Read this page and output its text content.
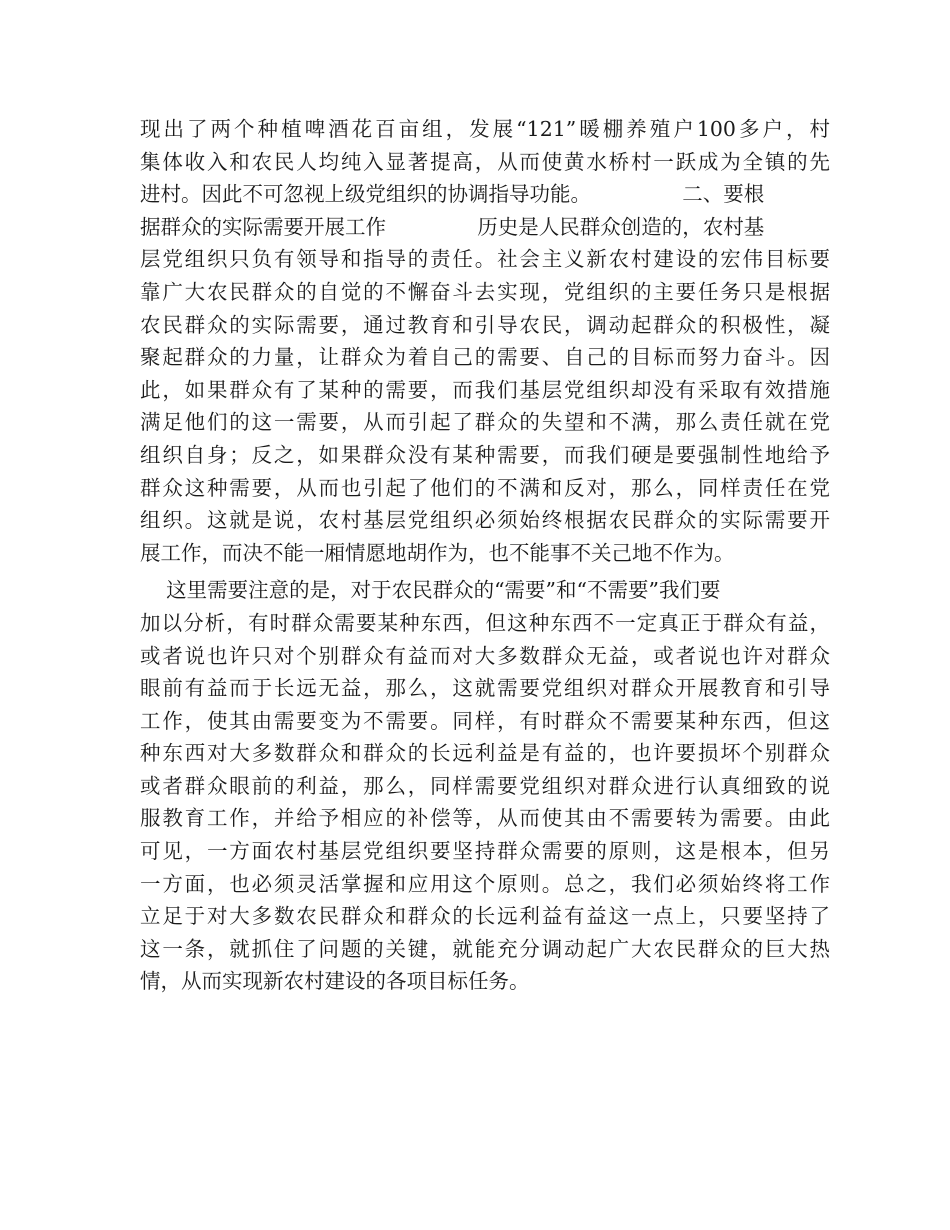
现出了两个种植啤酒花百亩组，发展“121”暖棚养殖户100多户，村
集体收入和农民人均纯入显著提高，从而使黄水桥村一跃成为全镇的先
进村。因此不可忽视上级党组织的协调指导功能。              二、要根
据群众的实际需要开展工作              历史是人民群众创造的，农村基
层党组织只负有领导和指导的责任。社会主义新农村建设的宏伟目标要
靠广大农民群众的自觉的不懈奋斗去实现，党组织的主要任务只是根据
农民群众的实际需要，通过教育和引导农民，调动起群众的积极性，凝
聚起群众的力量，让群众为着自己的需要、自己的目标而努力奋斗。因
此，如果群众有了某种的需要，而我们基层党组织却没有采取有效措施
满足他们的这一需要，从而引起了群众的失望和不满，那么责任就在党
组织自身；反之，如果群众没有某种需要，而我们硬是要强制性地给予
群众这种需要，从而也引起了他们的不满和反对，那么，同样责任在党
组织。这就是说，农村基层党组织必须始终根据农民群众的实际需要开
展工作，而决不能一厢情愿地胡作为，也不能事不关己地不作为。
这里需要注意的是，对于农民群众的“需要”和“不需要”我们要
加以分析，有时群众需要某种东西，但这种东西不一定真正于群众有益，
或者说也许只对个别群众有益而对大多数群众无益，或者说也许对群众
眼前有益而于长远无益，那么，这就需要党组织对群众开展教育和引导
工作，使其由需要变为不需要。同样，有时群众不需要某种东西，但这
种东西对大多数群众和群众的长远利益是有益的，也许要损坏个别群众
或者群众眼前的利益，那么，同样需要党组织对群众进行认真细致的说
服教育工作，并给予相应的补偿等，从而使其由不需要转为需要。由此
可见，一方面农村基层党组织要坚持群众需要的原则，这是根本，但另
一方面，也必须灵活掌握和应用这个原则。总之，我们必须始终将工作
立足于对大多数农民群众和群众的长远利益有益这一点上，只要坚持了
这一条，就抓住了问题的关键，就能充分调动起广大农民群众的巨大热
情，从而实现新农村建设的各项目标任务。
